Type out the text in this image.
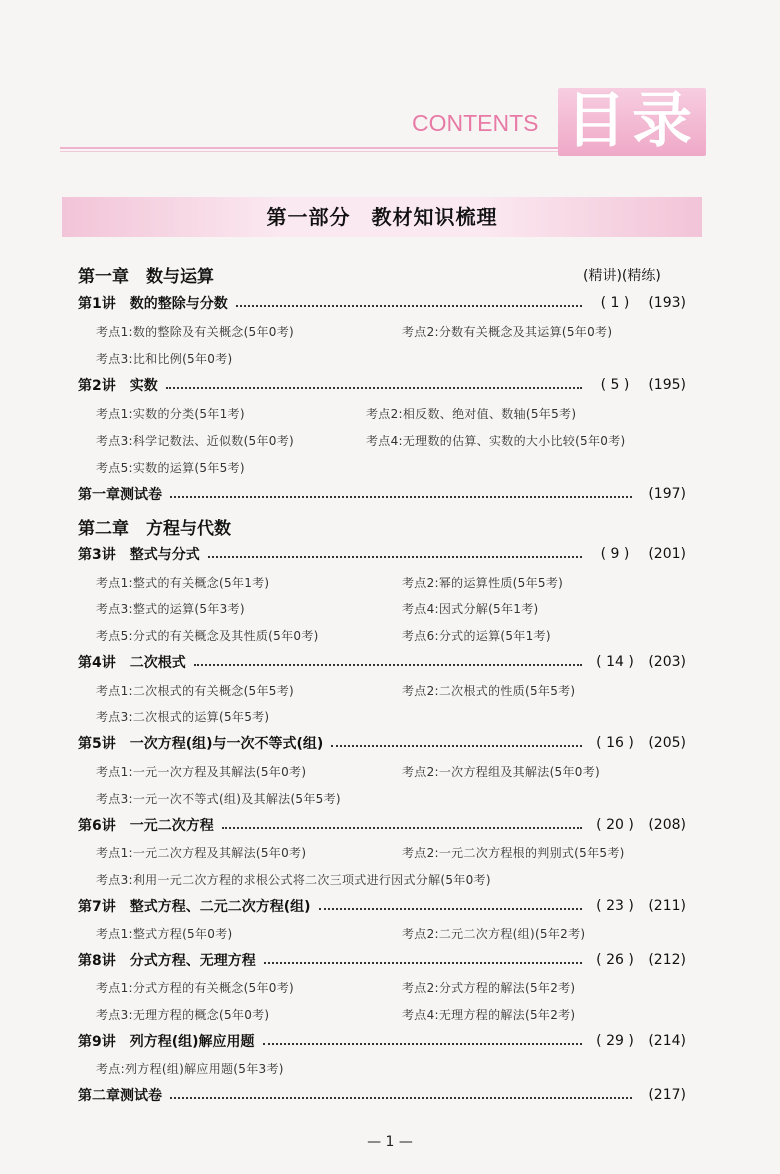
CONTENTS 目录
第一部分　教材知识梳理
第一章　数与运算	(精讲)(精练)
第1讲　数的整除与分数	( 1 )	(193)
考点1:数的整除及有关概念(5年0考)	考点2:分数有关概念及其运算(5年0考)
考点3:比和比例(5年0考)
第2讲　实数	( 5 )	(195)
考点1:实数的分类(5年1考)	考点2:相反数、绝对值、数轴(5年5考)
考点3:科学记数法、近似数(5年0考)	考点4:无理数的估算、实数的大小比较(5年0考)
考点5:实数的运算(5年5考)
第一章测试卷	(197)
第二章　方程与代数
第3讲　整式与分式	( 9 )	(201)
考点1:整式的有关概念(5年1考)	考点2:幂的运算性质(5年5考)
考点3:整式的运算(5年3考)	考点4:因式分解(5年1考)
考点5:分式的有关概念及其性质(5年0考)	考点6:分式的运算(5年1考)
第4讲　二次根式	( 14 )	(203)
考点1:二次根式的有关概念(5年5考)	考点2:二次根式的性质(5年5考)
考点3:二次根式的运算(5年5考)
第5讲　一次方程(组)与一次不等式(组)	( 16 )	(205)
考点1:一元一次方程及其解法(5年0考)	考点2:一次方程组及其解法(5年0考)
考点3:一元一次不等式(组)及其解法(5年5考)
第6讲　一元二次方程	( 20 )	(208)
考点1:一元二次方程及其解法(5年0考)	考点2:一元二次方程根的判别式(5年5考)
考点3:利用一元二次方程的求根公式将二次三项式进行因式分解(5年0考)
第7讲　整式方程、二元二次方程(组)	( 23 )	(211)
考点1:整式方程(5年0考)	考点2:二元二次方程(组)(5年2考)
第8讲　分式方程、无理方程	( 26 )	(212)
考点1:分式方程的有关概念(5年0考)	考点2:分式方程的解法(5年2考)
考点3:无理方程的概念(5年0考)	考点4:无理方程的解法(5年2考)
第9讲　列方程(组)解应用题	( 29 )	(214)
考点:列方程(组)解应用题(5年3考)
第二章测试卷	(217)
— 1 —
